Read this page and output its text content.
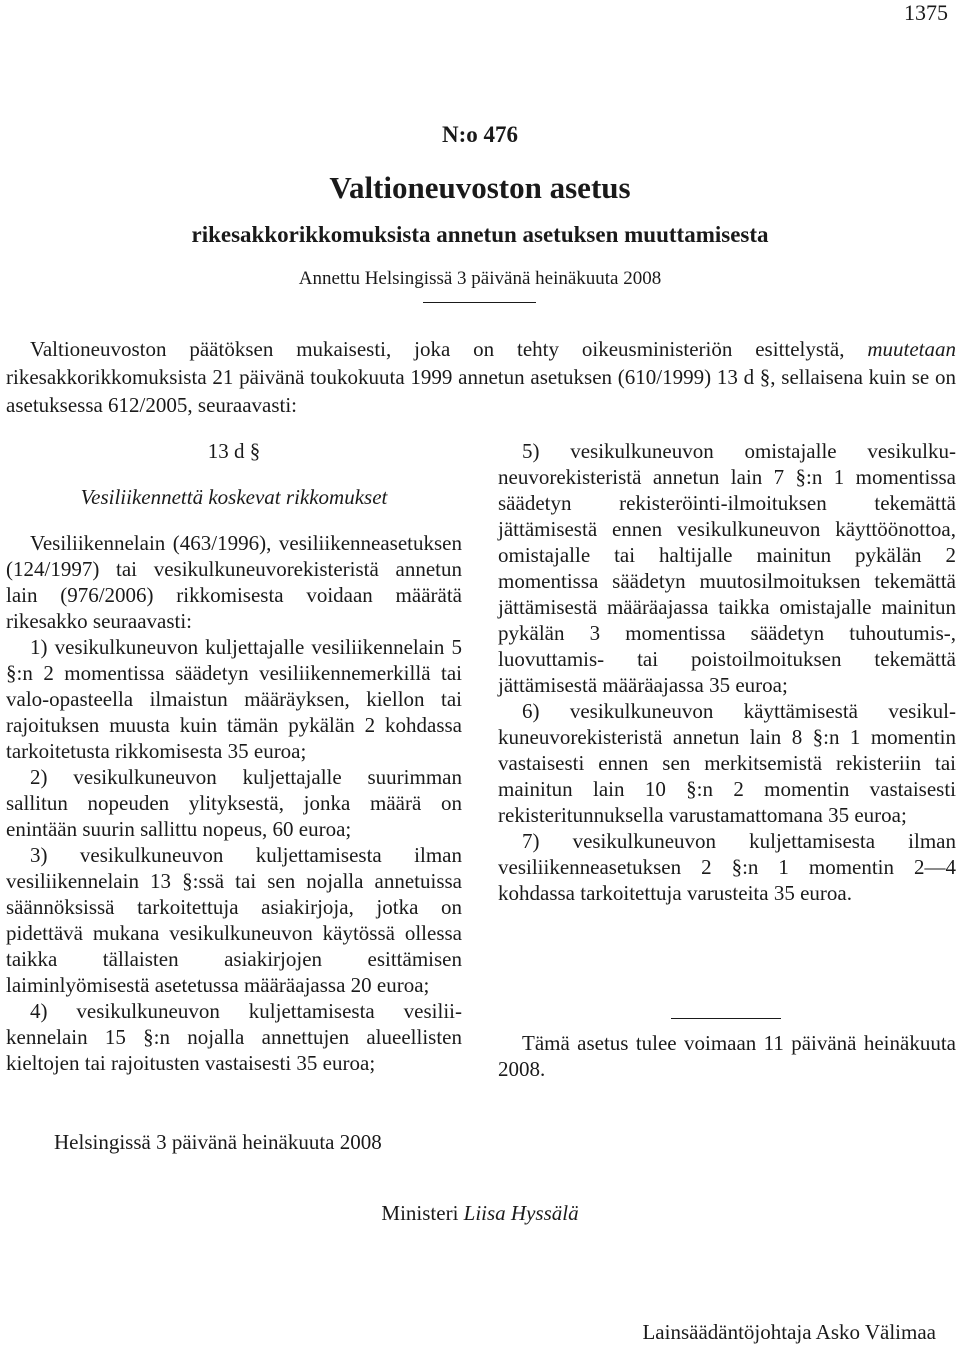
1375
N:o 476
Valtioneuvoston asetus
rikesakkorikkomuksista annetun asetuksen muuttamisesta
Annettu Helsingissä 3 päivänä heinäkuuta 2008

Valtioneuvoston päätöksen mukaisesti, joka on tehty oikeusministeriön esittelystä, muutetaan rikesakkorikkomuksista 21 päivänä toukokuuta 1999 annetun asetuksen (610/1999) 13 d §, sellaisena kuin se on asetuksessa 612/2005, seuraavasti:

13 d §

Vesiliikennettä koskevat rikkomukset

Vesiliikennelain (463/1996), vesiliikenneasetuksen (124/1997) tai vesikulkuneuvorekisteristä annetun lain (976/2006) rikkomisesta voidaan määrätä rikesakko seuraavasti:

1) vesikulkuneuvon kuljettajalle vesiliikennelain 5 §:n 2 momentissa säädetyn vesiliikennemerkillä tai valo-opasteella ilmaistun määräyksen, kiellon tai rajoituksen muusta kuin tämän pykälän 2 kohdassa tarkoitetusta rikkomisesta 35 euroa;

2) vesikulkuneuvon kuljettajalle suurimman sallitun nopeuden ylityksestä, jonka määrä on enintään suurin sallittu nopeus, 60 euroa;

3) vesikulkuneuvon kuljettamisesta ilman vesiliikennelain 13 §:ssä tai sen nojalla annetuissa säännöksissä tarkoitettuja asiakirjoja, jotka on pidettävä mukana vesikulkuneuvon käytössä ollessa taikka tällaisten asiakirjojen esittämisen laiminlyömisestä asetetussa määräajassa 20 euroa;

4) vesikulkuneuvon kuljettamisesta vesiliikennelain 15 §:n nojalla annettujen alueellisten kieltojen tai rajoitusten vastaisesti 35 euroa;

5) vesikulkuneuvon omistajalle vesikulkuneuvorekisteristä annetun lain 7 §:n 1 momentissa säädetyn rekisteröinti-ilmoituksen tekemättä jättämisestä ennen vesikulkuneuvon käyttöönottoa, omistajalle tai haltijalle mainitun pykälän 2 momentissa säädetyn muutosilmoituksen tekemättä jättämisestä määräajassa taikka omistajalle mainitun pykälän 3 momentissa säädetyn tuhoutumis-, luovuttamis- tai poistoilmoituksen tekemättä jättämisestä määräajassa 35 euroa;

6) vesikulkuneuvon käyttämisestä vesikulkuneuvorekisteristä annetun lain 8 §:n 1 momentin vastaisesti ennen sen merkitsemistä rekisteriin tai mainitun lain 10 §:n 2 momentin vastaisesti rekisteritunnuksella varustamattomana 35 euroa;

7) vesikulkuneuvon kuljettamisesta ilman vesiliikenneasetuksen 2 §:n 1 momentin 2—4 kohdassa tarkoitettuja varusteita 35 euroa.

Tämä asetus tulee voimaan 11 päivänä heinäkuuta 2008.
Helsingissä 3 päivänä heinäkuuta 2008
Ministeri Liisa Hyssälä
Lainsäädäntöjohtaja Asko Välimaa
